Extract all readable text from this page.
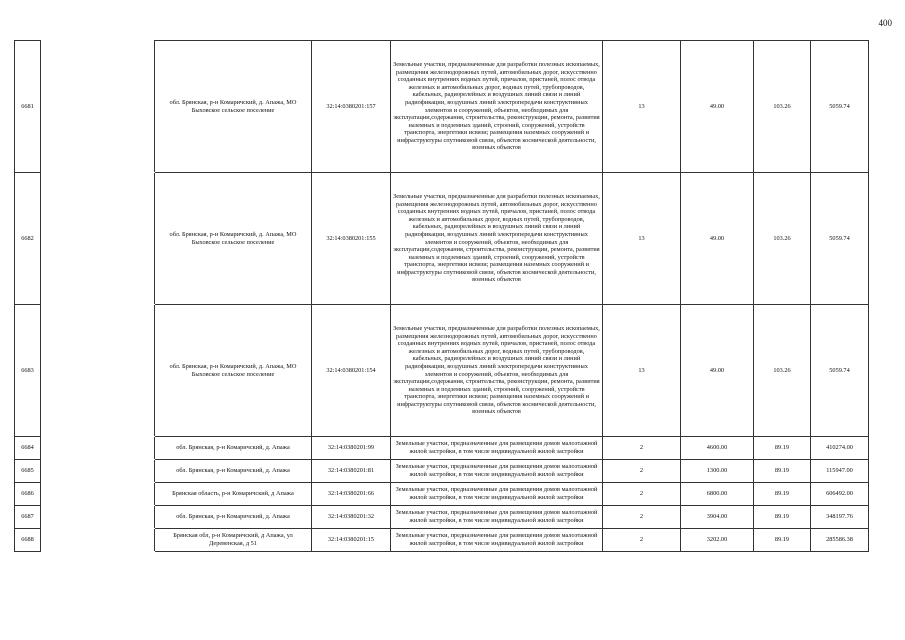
400
6681		обл. Брянская, р-н Комаричский, д. Апажа, МО Быховское сельское поселение	32:14:0380201:157	Земельные участки, предназначенные для разработки полезных ископаемых, размещения железнодорожных путей, автомобильных дорог, искусственно созданных внутренних водных путей, причалов, пристаней, полос отвода железных и автомобильных дорог, водных путей, трубопроводов, кабельных, радиорелейных и воздушных линий связи и линий радиофикации, воздушных линий электропередачи конструктивных элементов и сооружений, объектов, необходимых для эксплуатации,содержания, строительства, реконструкции, ремонта, развития наземных и подземных зданий, строений, сооружений, устройств транспорта, энергетики исвязи; размещения наземных сооружений и инфраструктуры спутниковой связи, объектов космической деятельности, военных объектов	13	49.00	103.26	5059.74
6682		обл. Брянская, р-н Комаричский, д. Апажа, МО Быховское сельское поселение	32:14:0380201:155	Земельные участки, предназначенные для разработки полезных ископаемых, размещения железнодорожных путей, автомобильных дорог, искусственно созданных внутренних водных путей, причалов, пристаней, полос отвода железных и автомобильных дорог, водных путей, трубопроводов, кабельных, радиорелейных и воздушных линий связи и линий радиофикации, воздушных линий электропередачи конструктивных элементов и сооружений, объектов, необходимых для эксплуатации,содержания, строительства, реконструкции, ремонта, развития наземных и подземных зданий, строений, сооружений, устройств транспорта, энергетики исвязи; размещения наземных сооружений и инфраструктуры спутниковой связи, объектов космической деятельности, военных объектов	13	49.00	103.26	5059.74
6683		обл. Брянская, р-н Комаричский, д. Апажа, МО Быховское сельское поселение	32:14:0380201:154	Земельные участки, предназначенные для разработки полезных ископаемых, размещения железнодорожных путей, автомобильных дорог, искусственно созданных внутренних водных путей, причалов, пристаней, полос отвода железных и автомобильных дорог, водных путей, трубопроводов, кабельных, радиорелейных и воздушных линий связи и линий радиофикации, воздушных линий электропередачи конструктивных элементов и сооружений, объектов, необходимых для эксплуатации,содержания, строительства, реконструкции, ремонта, развития наземных и подземных зданий, строений, сооружений, устройств транспорта, энергетики исвязи; размещения наземных сооружений и инфраструктуры спутниковой связи, объектов космической деятельности, военных объектов	13	49.00	103.26	5059.74
6684		обл. Брянская, р-н Комаричский, д. Апажа	32:14:0380201:99	Земельные участки, предназначенные для размещения домов малоэтажной жилой застройки, в том числе индивидуальной жилой застройки	2	4600.00	89.19	410274.00
6685		обл. Брянская, р-н Комаричский, д. Апажа	32:14:0380201:81	Земельные участки, предназначенные для размещения домов малоэтажной жилой застройки, в том числе индивидуальной жилой застройки	2	1300.00	89.19	115947.00
6686		Брянская область, р-н Комаричский, д Апажа	32:14:0380201:66	Земельные участки, предназначенные для размещения домов малоэтажной жилой застройки, в том числе индивидуальной жилой застройки	2	6800.00	89.19	606492.00
6687		обл. Брянская, р-н Комаричский, д. Апажа	32:14:0380201:32	Земельные участки, предназначенные для размещения домов малоэтажной жилой застройки, в том числе индивидуальной жилой застройки	2	3904.00	89.19	348197.76
6688		Брянская обл, р-н Комаричский, д Апажа, ул Деревенская, д 51	32:14:0380201:15	Земельные участки, предназначенные для размещения домов малоэтажной жилой застройки, в том числе индивидуальной жилой застройки	2	3202.00	89.19	285586.38
